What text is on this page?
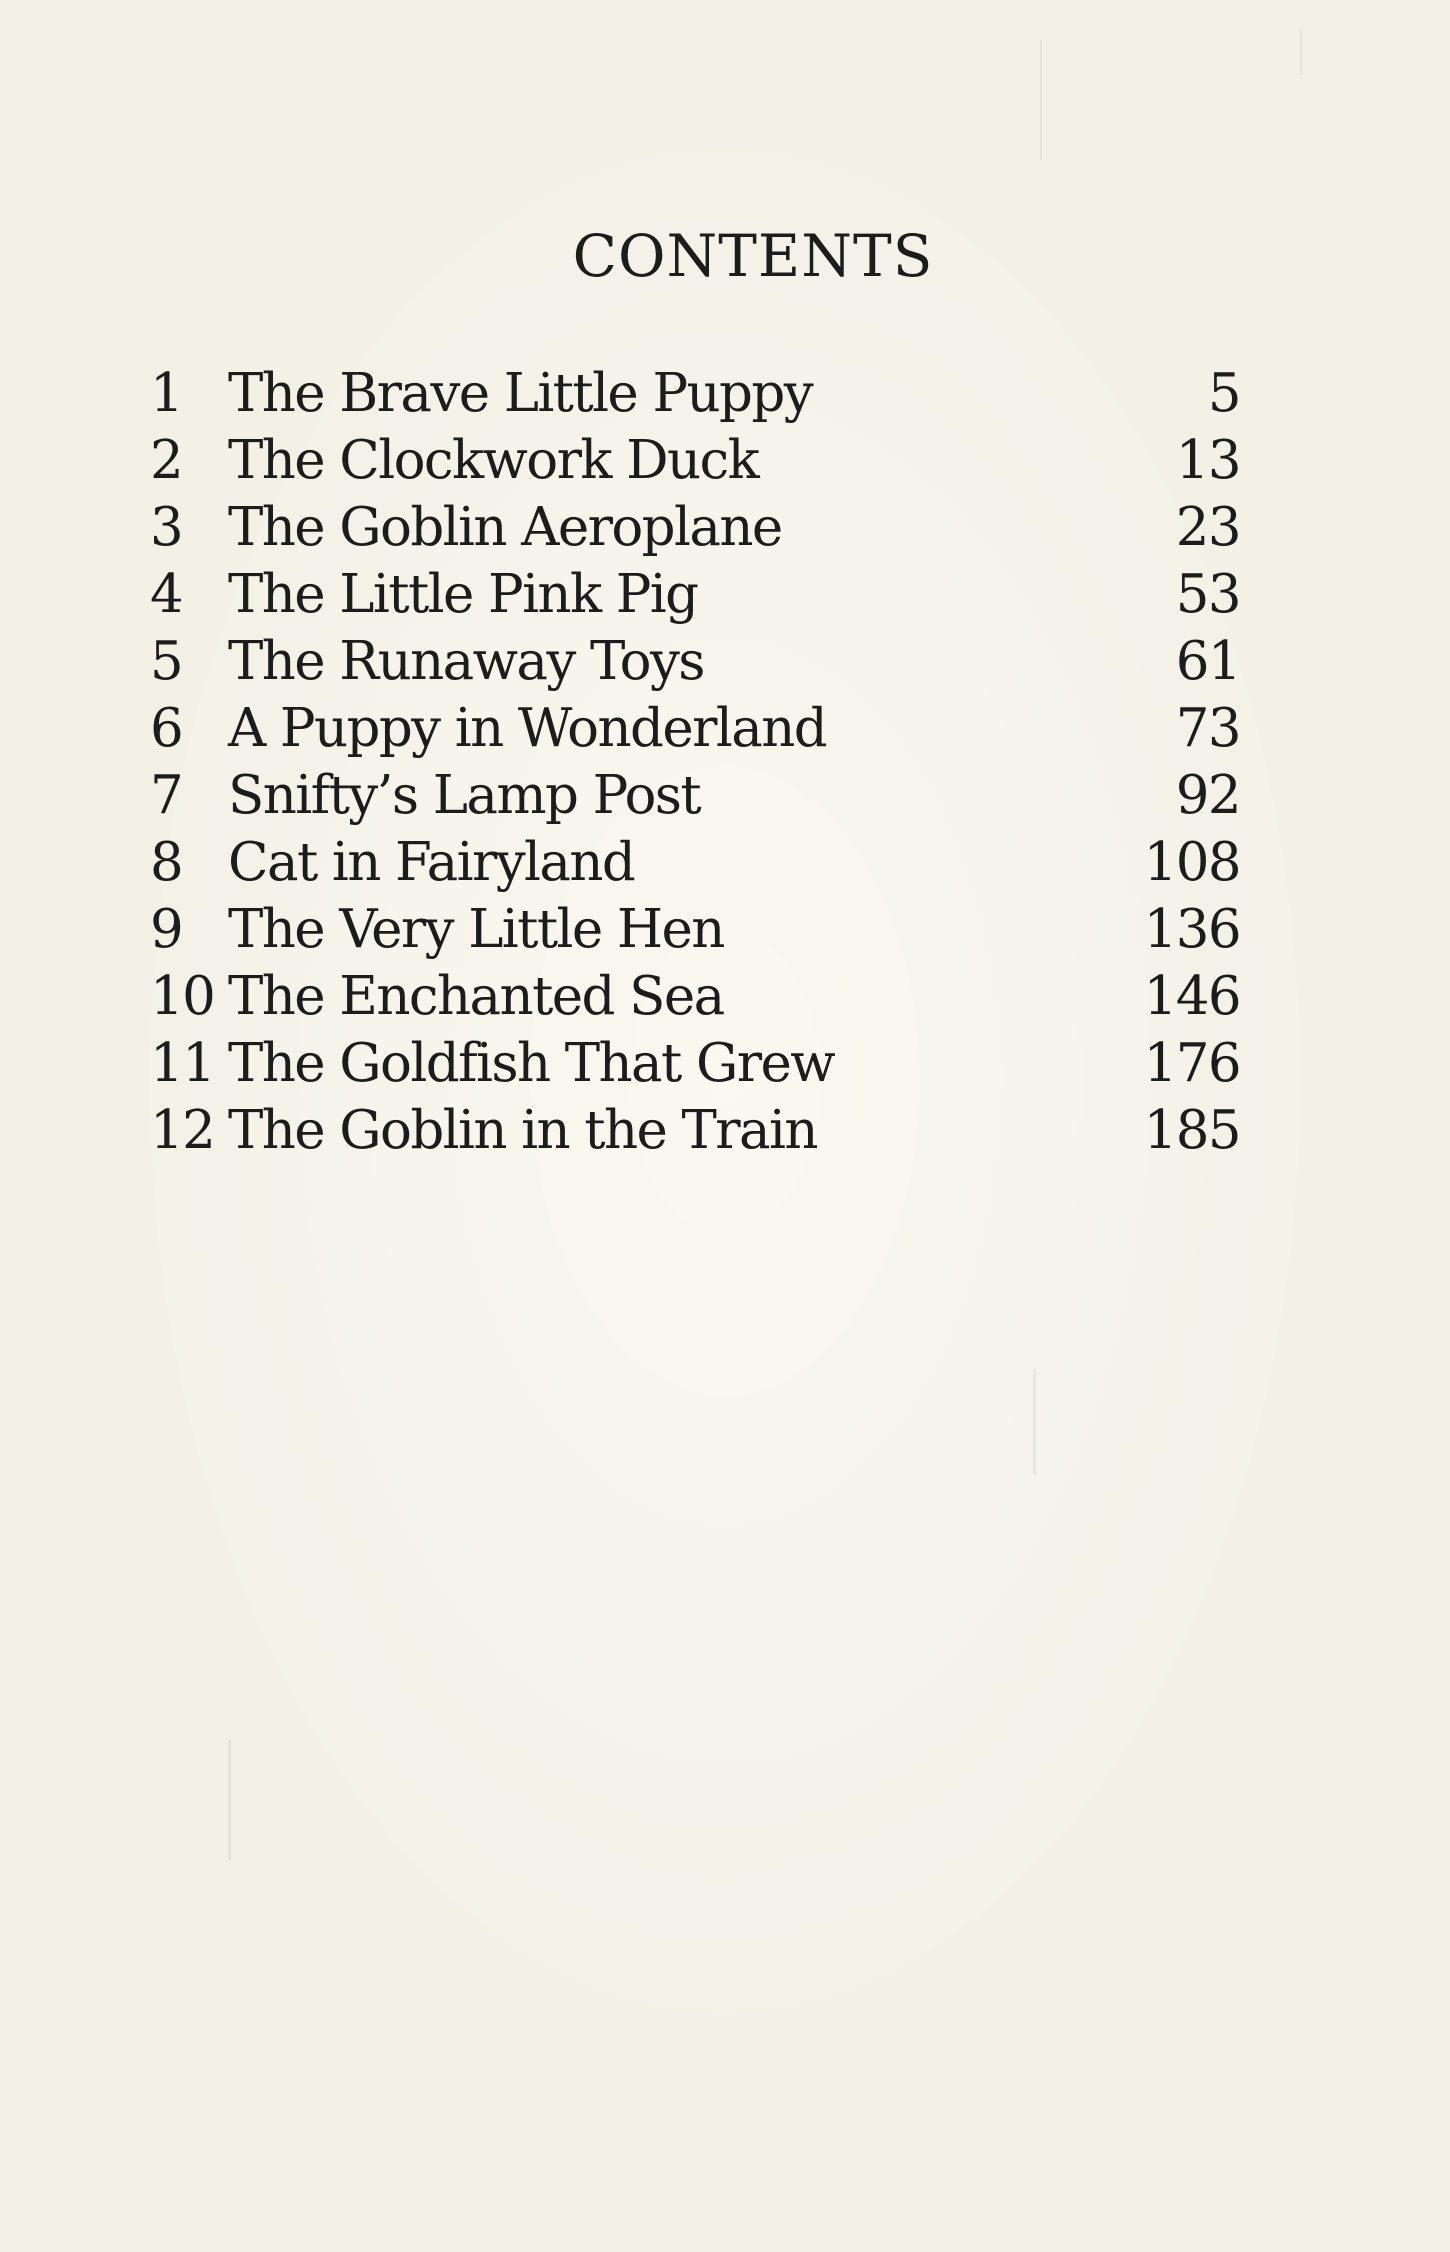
CONTENTS
1 The Brave Little Puppy	5
2 The Clockwork Duck	13
3 The Goblin Aeroplane	23
4 The Little Pink Pig	53
5 The Runaway Toys	61
6 A Puppy in Wonderland	73
7 Snifty’s Lamp Post	92
8 Cat in Fairyland	108
9 The Very Little Hen	136
10 The Enchanted Sea	146
11 The Goldfish That Grew	176
12 The Goblin in the Train	185
